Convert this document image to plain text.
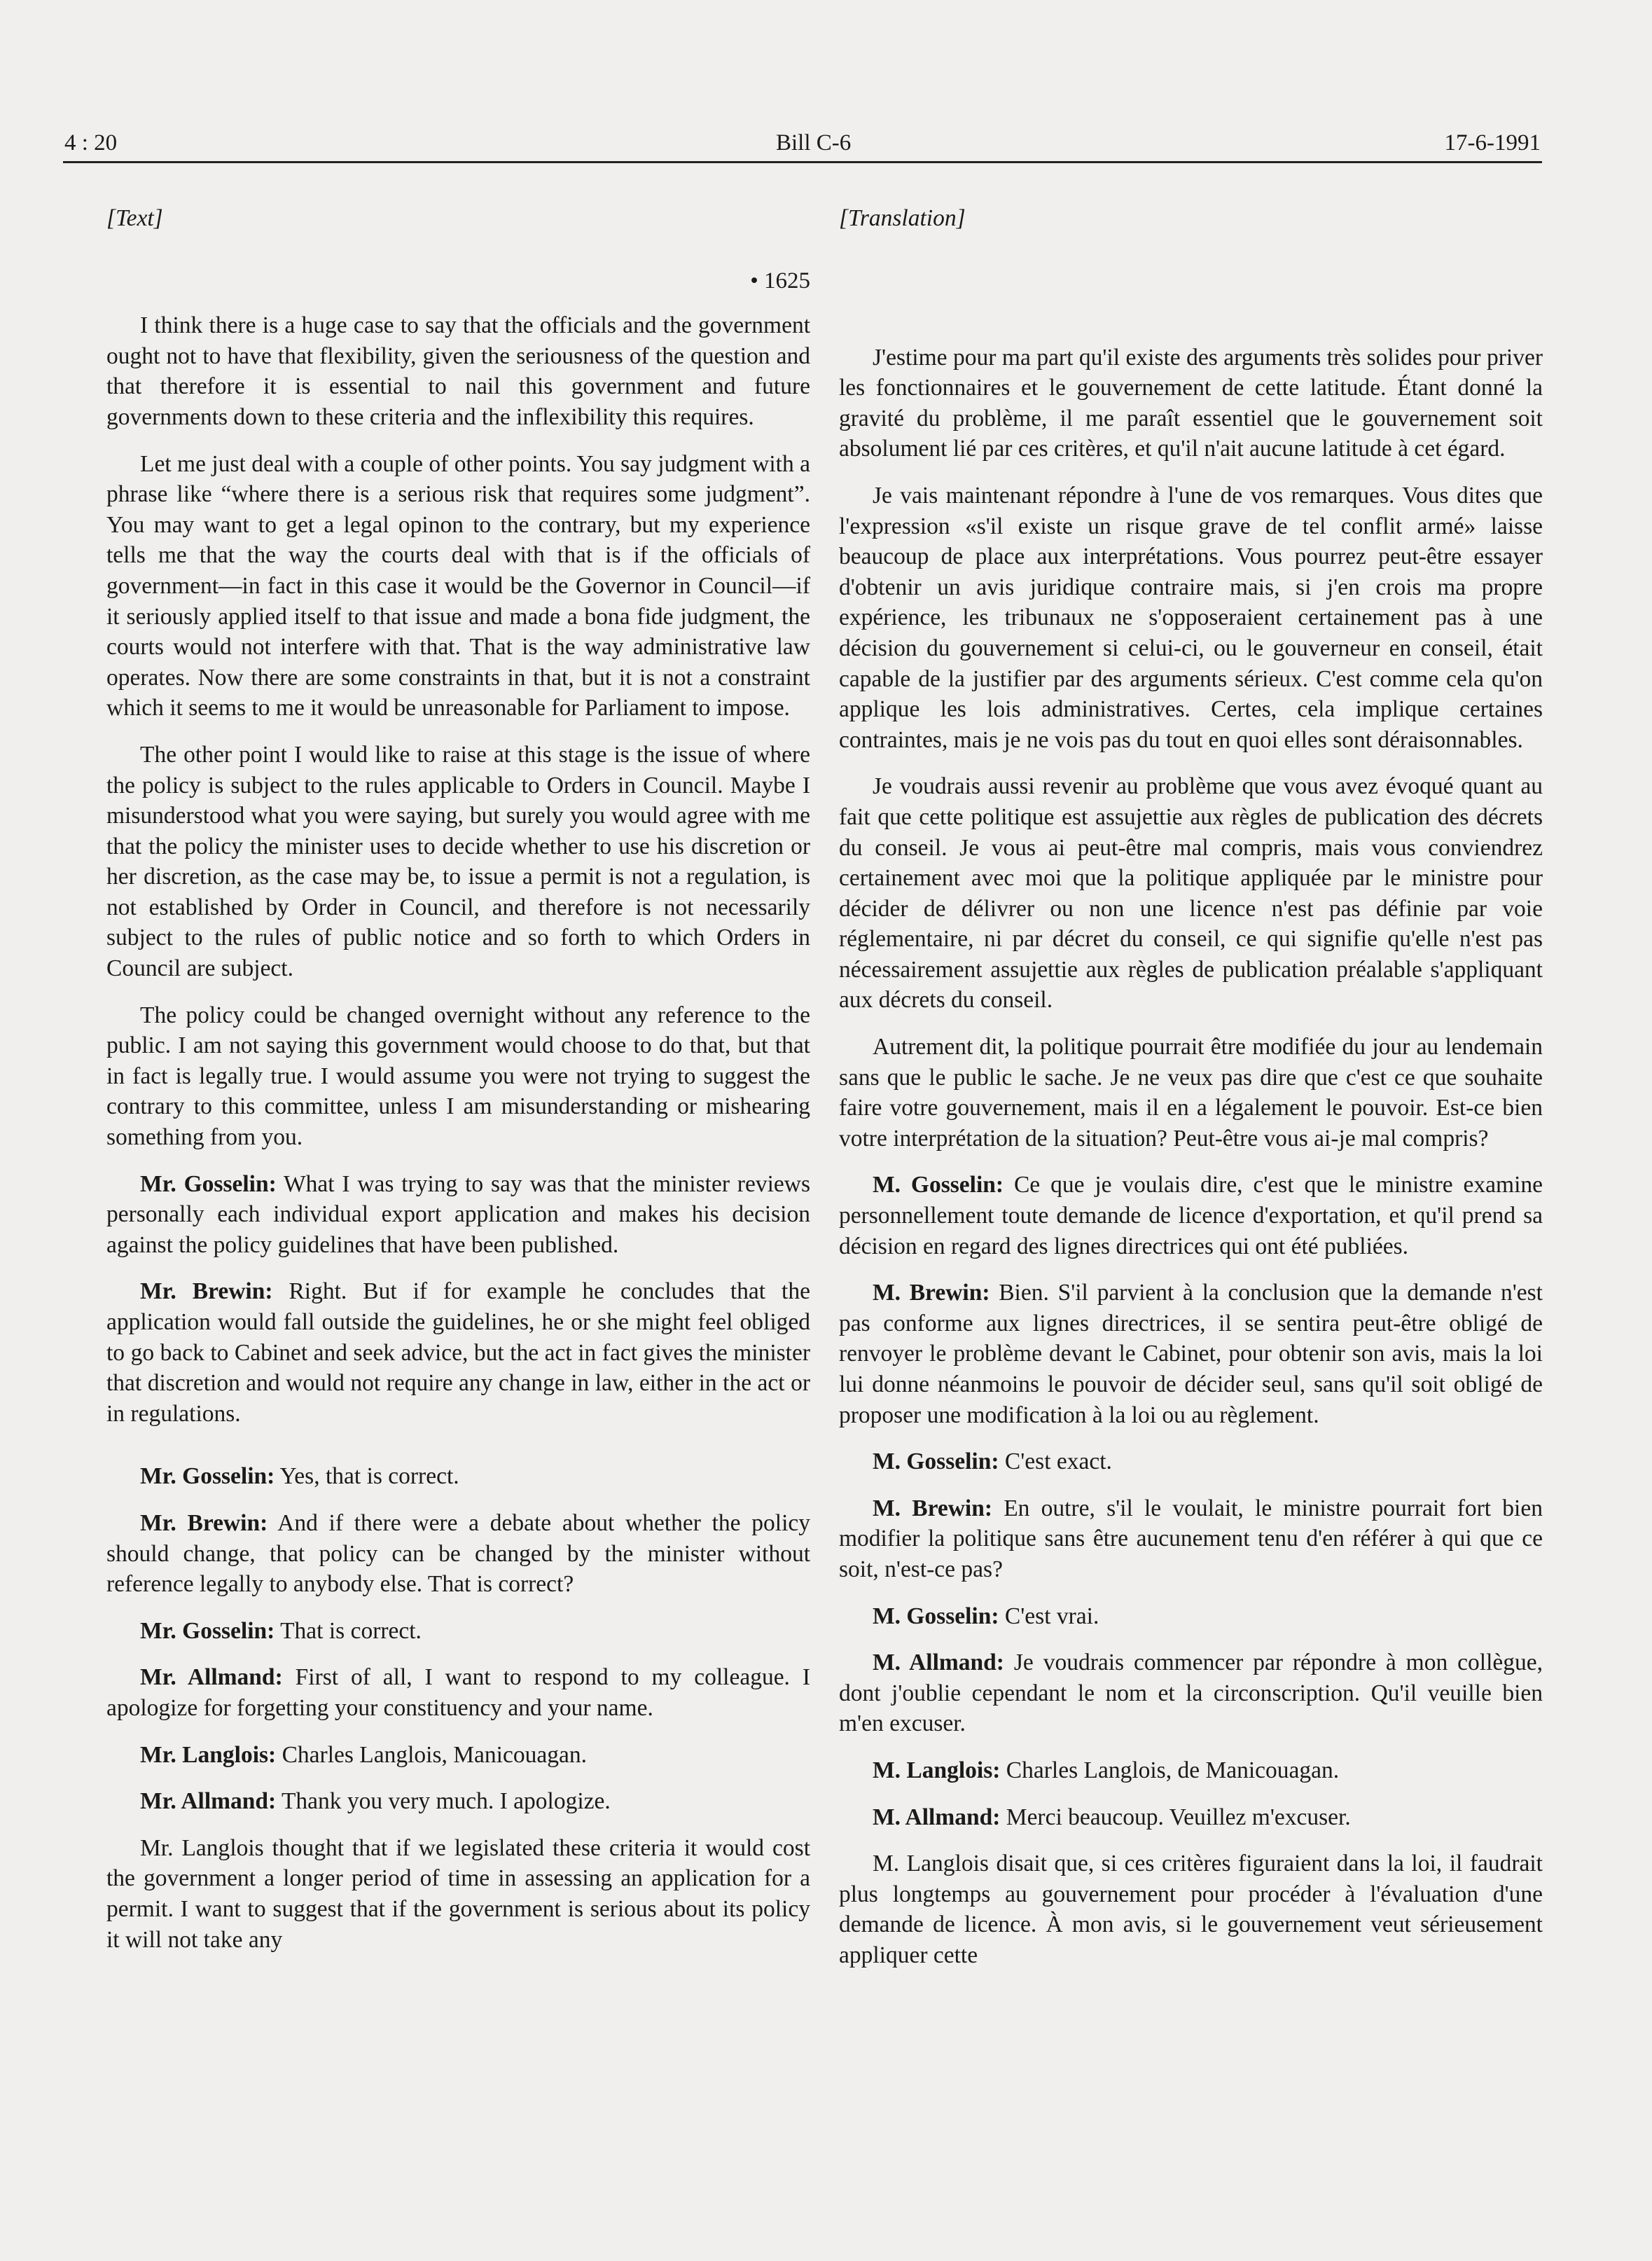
4 : 20	Bill C-6	17-6-1991
[Text]
• 1625

I think there is a huge case to say that the officials and the government ought not to have that flexibility, given the seriousness of the question and that therefore it is essential to nail this government and future governments down to these criteria and the inflexibility this requires.

Let me just deal with a couple of other points. You say judgment with a phrase like “where there is a serious risk that requires some judgment”. You may want to get a legal opinon to the contrary, but my experience tells me that the way the courts deal with that is if the officials of government—in fact in this case it would be the Governor in Council—if it seriously applied itself to that issue and made a bona fide judgment, the courts would not interfere with that. That is the way administrative law operates. Now there are some constraints in that, but it is not a constraint which it seems to me it would be unreasonable for Parliament to impose.

The other point I would like to raise at this stage is the issue of where the policy is subject to the rules applicable to Orders in Council. Maybe I misunderstood what you were saying, but surely you would agree with me that the policy the minister uses to decide whether to use his discretion or her discretion, as the case may be, to issue a permit is not a regulation, is not established by Order in Council, and therefore is not necessarily subject to the rules of public notice and so forth to which Orders in Council are subject.

The policy could be changed overnight without any reference to the public. I am not saying this government would choose to do that, but that in fact is legally true. I would assume you were not trying to suggest the contrary to this committee, unless I am misunderstanding or mishearing something from you.

Mr. Gosselin: What I was trying to say was that the minister reviews personally each individual export application and makes his decision against the policy guidelines that have been published.

Mr. Brewin: Right. But if for example he concludes that the application would fall outside the guidelines, he or she might feel obliged to go back to Cabinet and seek advice, but the act in fact gives the minister that discretion and would not require any change in law, either in the act or in regulations.

Mr. Gosselin: Yes, that is correct.

Mr. Brewin: And if there were a debate about whether the policy should change, that policy can be changed by the minister without reference legally to anybody else. That is correct?

Mr. Gosselin: That is correct.

Mr. Allmand: First of all, I want to respond to my colleague. I apologize for forgetting your constituency and your name.

Mr. Langlois: Charles Langlois, Manicouagan.

Mr. Allmand: Thank you very much. I apologize.

Mr. Langlois thought that if we legislated these criteria it would cost the government a longer period of time in assessing an application for a permit. I want to suggest that if the government is serious about its policy it will not take any

[Translation]

J'estime pour ma part qu'il existe des arguments très solides pour priver les fonctionnaires et le gouvernement de cette latitude. Étant donné la gravité du problème, il me paraît essentiel que le gouvernement soit absolument lié par ces critères, et qu'il n'ait aucune latitude à cet égard.

Je vais maintenant répondre à l'une de vos remarques. Vous dites que l'expression «s'il existe un risque grave de tel conflit armé» laisse beaucoup de place aux interprétations. Vous pourrez peut-être essayer d'obtenir un avis juridique contraire mais, si j'en crois ma propre expérience, les tribunaux ne s'opposeraient certainement pas à une décision du gouvernement si celui-ci, ou le gouverneur en conseil, était capable de la justifier par des arguments sérieux. C'est comme cela qu'on applique les lois administratives. Certes, cela implique certaines contraintes, mais je ne vois pas du tout en quoi elles sont déraisonnables.

Je voudrais aussi revenir au problème que vous avez évoqué quant au fait que cette politique est assujettie aux règles de publication des décrets du conseil. Je vous ai peut-être mal compris, mais vous conviendrez certainement avec moi que la politique appliquée par le ministre pour décider de délivrer ou non une licence n'est pas définie par voie réglementaire, ni par décret du conseil, ce qui signifie qu'elle n'est pas nécessairement assujettie aux règles de publication préalable s'appliquant aux décrets du conseil.

Autrement dit, la politique pourrait être modifiée du jour au lendemain sans que le public le sache. Je ne veux pas dire que c'est ce que souhaite faire votre gouvernement, mais il en a légalement le pouvoir. Est-ce bien votre interprétation de la situation? Peut-être vous ai-je mal compris?

M. Gosselin: Ce que je voulais dire, c'est que le ministre examine personnellement toute demande de licence d'exportation, et qu'il prend sa décision en regard des lignes directrices qui ont été publiées.

M. Brewin: Bien. S'il parvient à la conclusion que la demande n'est pas conforme aux lignes directrices, il se sentira peut-être obligé de renvoyer le problème devant le Cabinet, pour obtenir son avis, mais la loi lui donne néanmoins le pouvoir de décider seul, sans qu'il soit obligé de proposer une modification à la loi ou au règlement.

M. Gosselin: C'est exact.

M. Brewin: En outre, s'il le voulait, le ministre pourrait fort bien modifier la politique sans être aucunement tenu d'en référer à qui que ce soit, n'est-ce pas?

M. Gosselin: C'est vrai.

M. Allmand: Je voudrais commencer par répondre à mon collègue, dont j'oublie cependant le nom et la circonscription. Qu'il veuille bien m'en excuser.

M. Langlois: Charles Langlois, de Manicouagan.

M. Allmand: Merci beaucoup. Veuillez m'excuser.

M. Langlois disait que, si ces critères figuraient dans la loi, il faudrait plus longtemps au gouvernement pour procéder à l'évaluation d'une demande de licence. À mon avis, si le gouvernement veut sérieusement appliquer cette
